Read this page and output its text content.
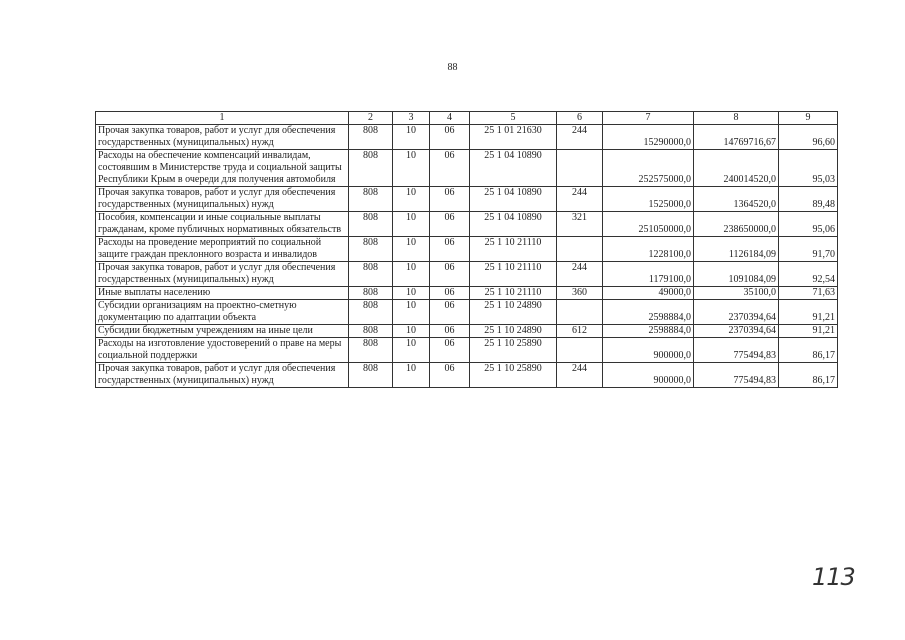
88
1	2	3	4	5	6	7	8	9
Прочая закупка товаров, работ и услуг для обеспечения государственных (муниципальных) нужд	808	10	06	25 1 01 21630	244	15290000,0	14769716,67	96,60
Расходы на обеспечение компенсаций инвалидам, состоявшим в Министерстве труда и социальной защиты Республики Крым в очереди для получения автомобиля	808	10	06	25 1 04 10890		252575000,0	240014520,0	95,03
Прочая закупка товаров, работ и услуг для обеспечения государственных (муниципальных) нужд	808	10	06	25 1 04 10890	244	1525000,0	1364520,0	89,48
Пособия, компенсации и иные социальные выплаты гражданам, кроме публичных нормативных обязательств	808	10	06	25 1 04 10890	321	251050000,0	238650000,0	95,06
Расходы на проведение мероприятий по социальной защите граждан преклонного возраста и инвалидов	808	10	06	25 1 10 21110		1228100,0	1126184,09	91,70
Прочая закупка товаров, работ и услуг для обеспечения государственных (муниципальных) нужд	808	10	06	25 1 10 21110	244	1179100,0	1091084,09	92,54
Иные выплаты населению	808	10	06	25 1 10 21110	360	49000,0	35100,0	71,63
Субсидии организациям на проектно-сметную документацию по адаптации объекта	808	10	06	25 1 10 24890		2598884,0	2370394,64	91,21
Субсидии бюджетным учреждениям на иные цели	808	10	06	25 1 10 24890	612	2598884,0	2370394,64	91,21
Расходы на изготовление удостоверений о праве на меры социальной поддержки	808	10	06	25 1 10 25890		900000,0	775494,83	86,17
Прочая закупка товаров, работ и услуг для обеспечения государственных (муниципальных) нужд	808	10	06	25 1 10 25890	244	900000,0	775494,83	86,17
113
